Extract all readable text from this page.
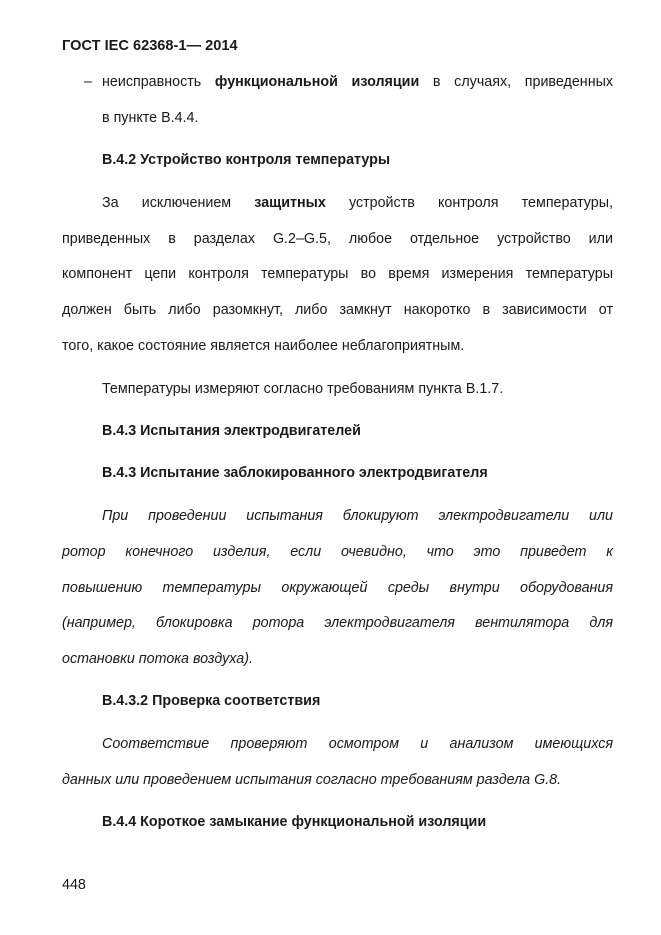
ГОСТ IEC 62368-1— 2014
– неисправность функциональной изоляции в случаях, приведенных
в пункте В.4.4.
В.4.2 Устройство контроля температуры
За исключением защитных устройств контроля температуры,
приведенных в разделах G.2–G.5, любое отдельное устройство или
компонент цепи контроля температуры во время измерения температуры
должен быть либо разомкнут, либо замкнут накоротко в зависимости от
того, какое состояние является наиболее неблагоприятным.
Температуры измеряют согласно требованиям пункта В.1.7.
В.4.3 Испытания электродвигателей
В.4.3 Испытание заблокированного электродвигателя
При проведении испытания блокируют электродвигатели или
ротор конечного изделия, если очевидно, что это приведет к
повышению температуры окружающей среды внутри оборудования
(например, блокировка ротора электродвигателя вентилятора для
остановки потока воздуха).
В.4.3.2 Проверка соответствия
Соответствие проверяют осмотром и анализом имеющихся
данных или проведением испытания согласно требованиям раздела G.8.
В.4.4 Короткое замыкание функциональной изоляции
448
